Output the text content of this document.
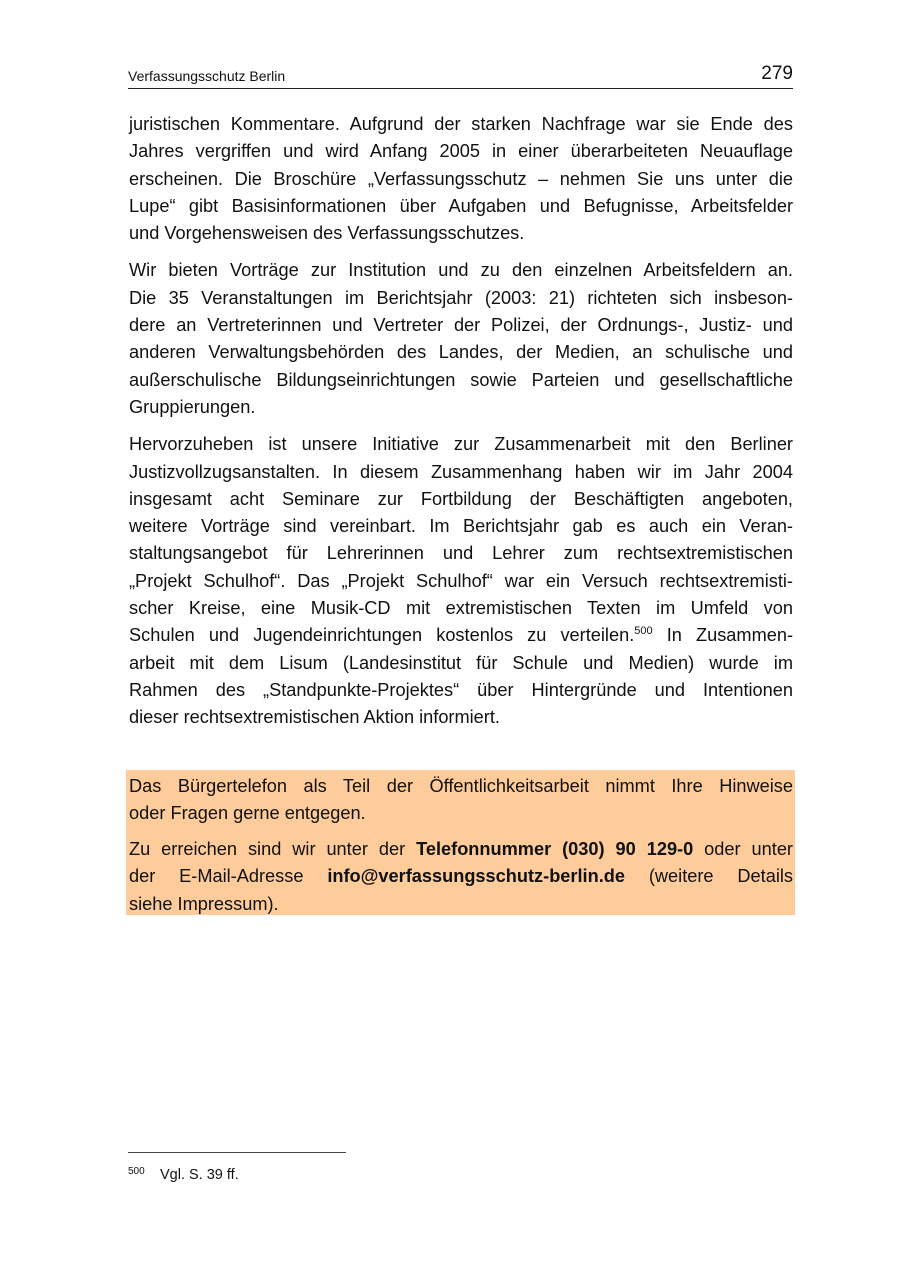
Verfassungsschutz Berlin	279

juristischen Kommentare. Aufgrund der starken Nachfrage war sie Ende des
Jahres vergriffen und wird Anfang 2005 in einer überarbeiteten Neuauflage
erscheinen. Die Broschüre „Verfassungsschutz – nehmen Sie uns unter die
Lupe“ gibt Basisinformationen über Aufgaben und Befugnisse, Arbeitsfelder
und Vorgehensweisen des Verfassungsschutzes.

Wir bieten Vorträge zur Institution und zu den einzelnen Arbeitsfeldern an.
Die 35 Veranstaltungen im Berichtsjahr (2003: 21) richteten sich insbeson-
dere an Vertreterinnen und Vertreter der Polizei, der Ordnungs-, Justiz- und
anderen Verwaltungsbehörden des Landes, der Medien, an schulische und
außerschulische Bildungseinrichtungen sowie Parteien und gesellschaftliche
Gruppierungen.

Hervorzuheben ist unsere Initiative zur Zusammenarbeit mit den Berliner
Justizvollzugsanstalten. In diesem Zusammenhang haben wir im Jahr 2004
insgesamt acht Seminare zur Fortbildung der Beschäftigten angeboten,
weitere Vorträge sind vereinbart. Im Berichtsjahr gab es auch ein Veran-
staltungsangebot für Lehrerinnen und Lehrer zum rechtsextremistischen
„Projekt Schulhof“. Das „Projekt Schulhof“ war ein Versuch rechtsextremisti-
scher Kreise, eine Musik-CD mit extremistischen Texten im Umfeld von
Schulen und Jugendeinrichtungen kostenlos zu verteilen.$^{500}$ In Zusammen-
arbeit mit dem Lisum (Landesinstitut für Schule und Medien) wurde im
Rahmen des „Standpunkte-Projektes“ über Hintergründe und Intentionen
dieser rechtsextremistischen Aktion informiert.

Das Bürgertelefon als Teil der Öffentlichkeitsarbeit nimmt Ihre Hinweise
oder Fragen gerne entgegen.

Zu erreichen sind wir unter der Telefonnummer (030) 90 129-0 oder unter
der E-Mail-Adresse info@verfassungsschutz-berlin.de (weitere Details
siehe Impressum).

500 Vgl. S. 39 ff.
